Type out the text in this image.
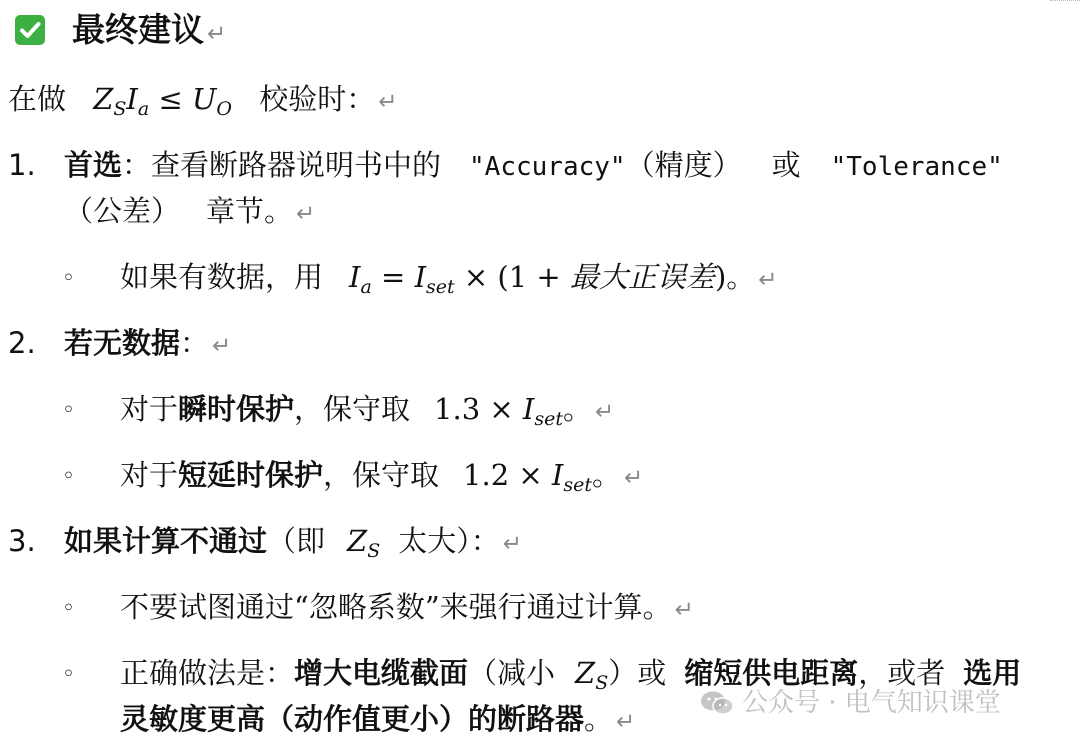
最终建议 ↵
在做 $Z_SI_a \le U_O$ 校验时： ↵
1. 首选：查看断路器说明书中的 "Accuracy"（精度） 或 "Tolerance"
（公差） 章节。 ↵
◦ 如果有数据，用 $I_a = I_{set} \times (1$ + 最大正误差)。 ↵
2. 若无数据： ↵
◦ 对于瞬时保护，保守取 $1.3 \times I_{set}$。 ↵
◦ 对于短延时保护，保守取 $1.2 \times I_{set}$。 ↵
3. 如果计算不通过（即 $Z_S$ 太大）： ↵
◦ 不要试图通过“忽略系数”来强行通过计算。 ↵
◦ 正确做法是：增大电缆截面（减小 $Z_S$）或 缩短供电距离，或者 选用
灵敏度更高（动作值更小）的断路器。 ↵
公众号 · 电气知识课堂
